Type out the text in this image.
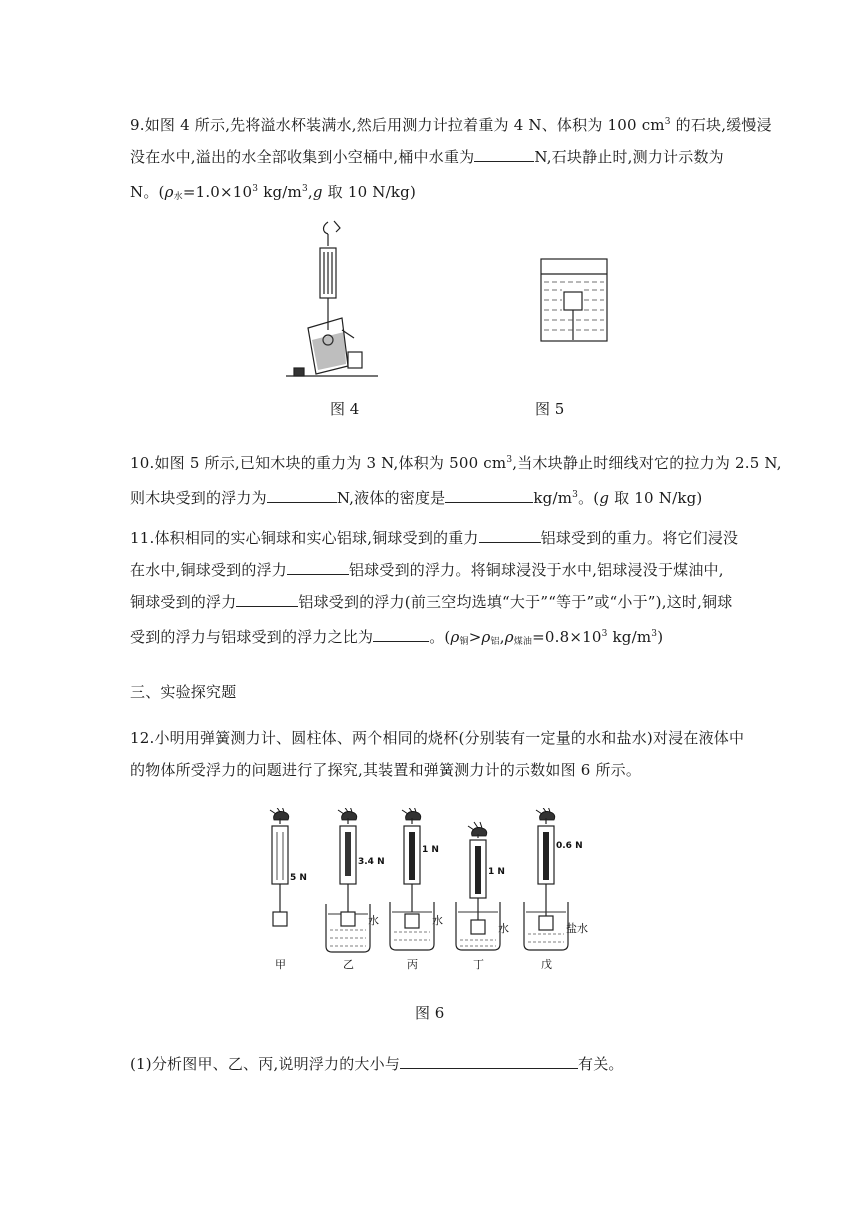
9.如图 4 所示,先将溢水杯装满水,然后用测力计拉着重为 4 N、体积为 100 $cm^3$ 的石块,缓慢浸
没在水中,溢出的水全部收集到小空桶中,桶中水重为	N,石块静止时,测力计示数为
N。($\rho_水=1.0\times 10^3$ $kg/m^3,g$ 取 10 N/kg)
图 4	图 5
10.如图 5 所示,已知木块的重力为 3 N,体积为 500 $cm^3$,当木块静止时细线对它的拉力为 2.5 N,
则木块受到的浮力为	N,液体的密度是	$kg/m^3$。(g 取 10 N/kg)
11.体积相同的实心铜球和实心铝球,铜球受到的重力	铝球受到的重力。将它们浸没
在水中,铜球受到的浮力	铝球受到的浮力。将铜球浸没于水中,铝球浸没于煤油中,
铜球受到的浮力	铝球受到的浮力(前三空均选填“大于”“等于”或“小于”),这时,铜球
受到的浮力与铝球受到的浮力之比为	。($\rho_铜>\rho_铝,\rho_{煤油}=0.8\times 10^3$ $kg/m^3$)
三、实验探究题
12.小明用弹簧测力计、圆柱体、两个相同的烧杯(分别装有一定量的水和盐水)对浸在液体中
的物体所受浮力的问题进行了探究,其装置和弹簧测力计的示数如图 6 所示。
5 N
甲
3.4 N
水
乙
1 N
水
丙
1 N
水
丁
0.6 N
盐水
戊
图 6
(1)分析图甲、乙、丙,说明浮力的大小与	有关。
